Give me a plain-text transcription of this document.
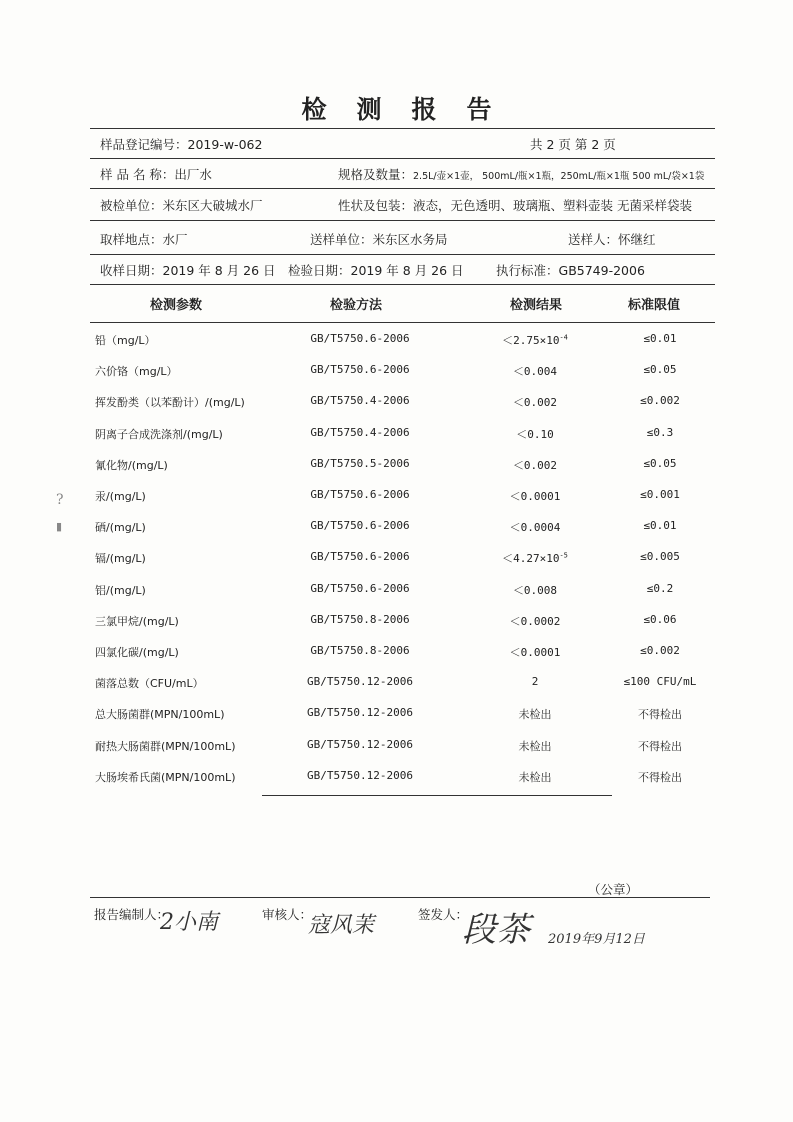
检测报告
样品登记编号：2019-w-062	共 2 页 第 2 页
样 品 名 称：出厂水	规格及数量：2.5L/壶×1壶， 500mL/瓶×1瓶，250mL/瓶×1瓶 500 mL/袋×1袋
被检单位：米东区大破城水厂	性状及包装：液态，无色透明、玻璃瓶、塑料壶装 无菌采样袋装
取样地点：水厂	送样单位：米东区水务局	送样人：怀继红
收样日期：2019 年 8 月 26 日 检验日期：2019 年 8 月 26 日	执行标准：GB5749-2006
检测参数	检验方法	检测结果	标准限值
铅（mg/L）	GB/T5750.6-2006	$<2.75\times 10^{-4}$	≤0.01
六价铬（mg/L）	GB/T5750.6-2006	＜0.004	≤0.05
挥发酚类（以苯酚计）/(mg/L)	GB/T5750.4-2006	＜0.002	≤0.002
阴离子合成洗涤剂/(mg/L)	GB/T5750.4-2006	＜0.10	≤0.3
氰化物/(mg/L)	GB/T5750.5-2006	＜0.002	≤0.05
汞/(mg/L)	GB/T5750.6-2006	＜0.0001	≤0.001
硒/(mg/L)	GB/T5750.6-2006	＜0.0004	≤0.01
镉/(mg/L)	GB/T5750.6-2006	$<4.27\times 10^{-5}$	≤0.005
铝/(mg/L)	GB/T5750.6-2006	＜0.008	≤0.2
三氯甲烷/(mg/L)	GB/T5750.8-2006	＜0.0002	≤0.06
四氯化碳/(mg/L)	GB/T5750.8-2006	＜0.0001	≤0.002
菌落总数（CFU/mL）	GB/T5750.12-2006	2	≤100 CFU/mL
总大肠菌群(MPN/100mL)	GB/T5750.12-2006	未检出	不得检出
耐热大肠菌群(MPN/100mL)	GB/T5750.12-2006	未检出	不得检出
大肠埃希氏菌(MPN/100mL)	GB/T5750.12-2006	未检出	不得检出
?
▮
（公章）
报告编制人：
2小南	审核人：
寇风茉	签发人：
段茶 2019年9月12日
